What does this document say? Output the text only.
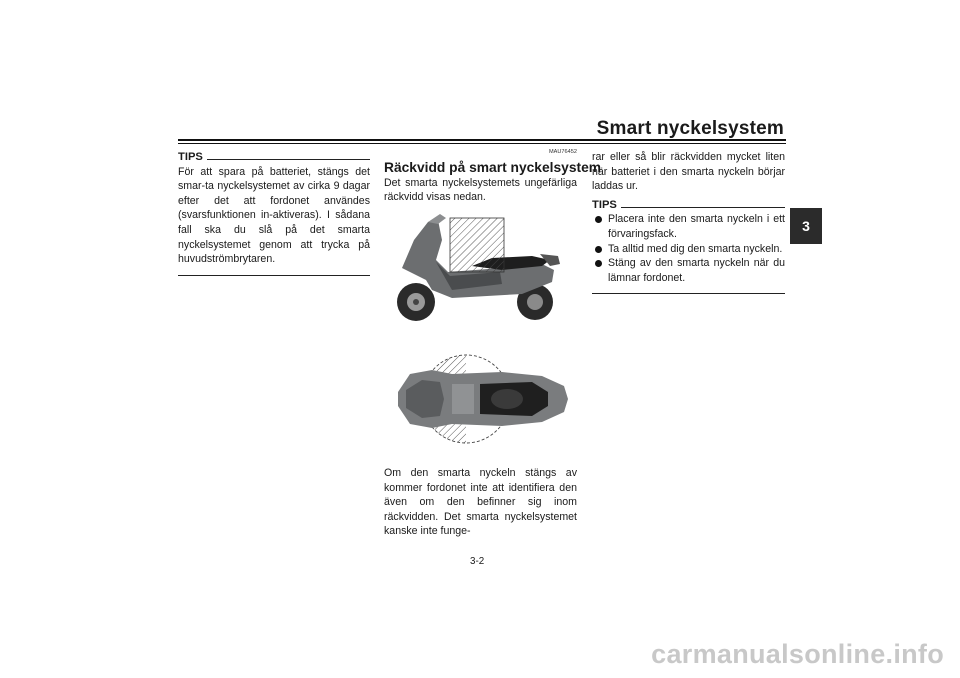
Smart nyckelsystem
3
TIPS
För att spara på batteriet, stängs det smar-ta nyckelsystemet av cirka 9 dagar efter det att fordonet användes (svarsfunktionen in-aktiveras). I sådana fall ska du slå på det smarta nyckelsystemet genom att trycka på huvudströmbrytaren.
MAU76452
Räckvidd på smart nyckelsystem
Det smarta nyckelsystemets ungefärliga räckvidd visas nedan.
Om den smarta nyckeln stängs av kommer fordonet inte att identifiera den även om den befinner sig inom räckvidden. Det smarta nyckelsystemet kanske inte funge-
rar eller så blir räckvidden mycket liten när batteriet i den smarta nyckeln börjar laddas ur.
TIPS
Placera inte den smarta nyckeln i ett förvaringsfack.
Ta alltid med dig den smarta nyckeln.
Stäng av den smarta nyckeln när du lämnar fordonet.
3-2
carmanualsonline.info
